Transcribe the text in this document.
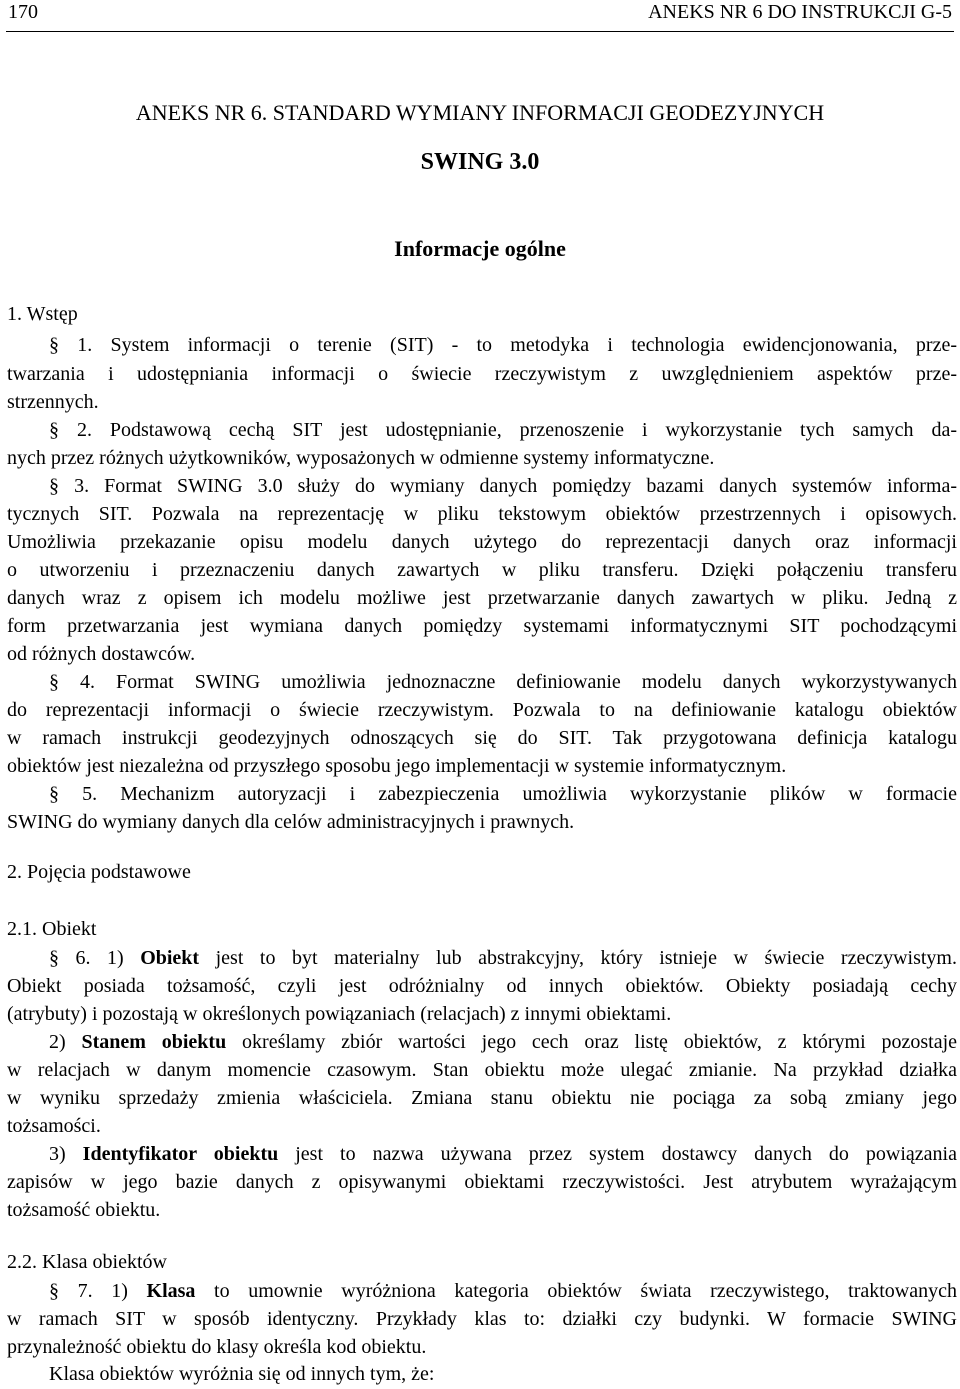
170	ANEKS NR 6 DO INSTRUKCJI G-5
ANEKS NR 6. STANDARD WYMIANY INFORMACJI GEODEZYJNYCH
SWING 3.0
Informacje ogólne
1. Wstęp
§ 1. System informacji o terenie (SIT) - to metodyka i technologia ewidencjonowania, prze-
twarzania i udostępniania informacji o świecie rzeczywistym z uwzględnieniem aspektów prze-
strzennych.
§ 2. Podstawową cechą SIT jest udostępnianie, przenoszenie i wykorzystanie tych samych da-
nych przez różnych użytkowników, wyposażonych w odmienne systemy informatyczne.
§ 3. Format SWING 3.0 służy do wymiany danych pomiędzy bazami danych systemów informa-
tycznych SIT. Pozwala na reprezentację w pliku tekstowym obiektów przestrzennych i opisowych.
Umożliwia przekazanie opisu modelu danych użytego do reprezentacji danych oraz informacji
o utworzeniu i przeznaczeniu danych zawartych w pliku transferu. Dzięki połączeniu transferu
danych wraz z opisem ich modelu możliwe jest przetwarzanie danych zawartych w pliku. Jedną z
form przetwarzania jest wymiana danych pomiędzy systemami informatycznymi SIT pochodzącymi
od różnych dostawców.
§ 4. Format SWING umożliwia jednoznaczne definiowanie modelu danych wykorzystywanych
do reprezentacji informacji o świecie rzeczywistym. Pozwala to na definiowanie katalogu obiektów
w ramach instrukcji geodezyjnych odnoszących się do SIT. Tak przygotowana definicja katalogu
obiektów jest niezależna od przyszłego sposobu jego implementacji w systemie informatycznym.
§ 5. Mechanizm autoryzacji i zabezpieczenia umożliwia wykorzystanie plików w formacie
SWING do wymiany danych dla celów administracyjnych i prawnych.
2. Pojęcia podstawowe
2.1. Obiekt
§ 6. 1) Obiekt jest to byt materialny lub abstrakcyjny, który istnieje w świecie rzeczywistym.
Obiekt posiada tożsamość, czyli jest odróżnialny od innych obiektów. Obiekty posiadają cechy
(atrybuty) i pozostają w określonych powiązaniach (relacjach) z innymi obiektami.
2) Stanem obiektu określamy zbiór wartości jego cech oraz listę obiektów, z którymi pozostaje
w relacjach w danym momencie czasowym. Stan obiektu może ulegać zmianie. Na przykład działka
w wyniku sprzedaży zmienia właściciela. Zmiana stanu obiektu nie pociąga za sobą zmiany jego
tożsamości.
3) Identyfikator obiektu jest to nazwa używana przez system dostawcy danych do powiązania
zapisów w jego bazie danych z opisywanymi obiektami rzeczywistości. Jest atrybutem wyrażającym
tożsamość obiektu.
2.2. Klasa obiektów
§ 7. 1) Klasa to umownie wyróżniona kategoria obiektów świata rzeczywistego, traktowanych
w ramach SIT w sposób identyczny. Przykłady klas to: działki czy budynki. W formacie SWING
przynależność obiektu do klasy określa kod obiektu.
Klasa obiektów wyróżnia się od innych tym, że:
